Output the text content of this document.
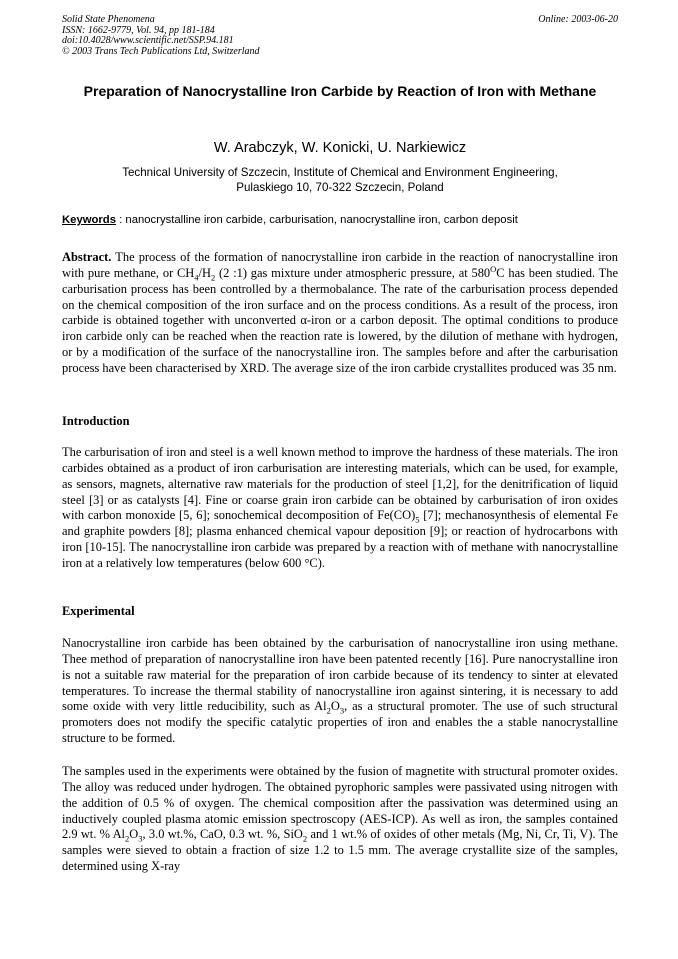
Solid State Phenomena
ISSN: 1662-9779, Vol. 94, pp 181-184
doi:10.4028/www.scientific.net/SSP.94.181
© 2003 Trans Tech Publications Ltd, Switzerland
Online: 2003-06-20
Preparation of Nanocrystalline Iron Carbide by Reaction of Iron with Methane
W. Arabczyk, W. Konicki, U. Narkiewicz
Technical University of Szczecin, Institute of Chemical and Environment Engineering,
Pulaskiego 10, 70-322 Szczecin, Poland
Keywords : nanocrystalline iron carbide, carburisation, nanocrystalline iron, carbon deposit
Abstract. The process of the formation of nanocrystalline iron carbide in the reaction of nanocrystalline iron with pure methane, or $CH_4/H_2$ (2 :1) gas mixture under atmospheric pressure, at $580^OC$ has been studied. The carburisation process has been controlled by a thermobalance. The rate of the carburisation process depended on the chemical composition of the iron surface and on the process conditions. As a result of the process, iron carbide is obtained together with unconverted α-iron or a carbon deposit. The optimal conditions to produce iron carbide only can be reached when the reaction rate is lowered, by the dilution of methane with hydrogen, or by a modification of the surface of the nanocrystalline iron. The samples before and after the carburisation process have been characterised by XRD. The average size of the iron carbide crystallites produced was 35 nm.
Introduction
The carburisation of iron and steel is a well known method to improve the hardness of these materials. The iron carbides obtained as a product of iron carburisation are interesting materials, which can be used, for example, as sensors, magnets, alternative raw materials for the production of steel [1,2], for the denitrification of liquid steel [3] or as catalysts [4]. Fine or coarse grain iron carbide can be obtained by carburisation of iron oxides with carbon monoxide [5, 6]; sonochemical decomposition of $Fe(CO)_5$ [7]; mechanosynthesis of elemental Fe and graphite powders [8]; plasma enhanced chemical vapour deposition [9]; or reaction of hydrocarbons with iron [10-15]. The nanocrystalline iron carbide was prepared by a reaction with of methane with nanocrystalline iron at a relatively low temperatures (below 600 °C).
Experimental
Nanocrystalline iron carbide has been obtained by the carburisation of nanocrystalline iron using methane. Thee method of preparation of nanocrystalline iron have been patented recently [16]. Pure nanocrystalline iron is not a suitable raw material for the preparation of iron carbide because of its tendency to sinter at elevated temperatures. To increase the thermal stability of nanocrystalline iron against sintering, it is necessary to add some oxide with very little reducibility, such as $Al_2O_3$, as a structural promoter. The use of such structural promoters does not modify the specific catalytic properties of iron and enables the a stable nanocrystalline structure to be formed.
The samples used in the experiments were obtained by the fusion of magnetite with structural promoter oxides. The alloy was reduced under hydrogen. The obtained pyrophoric samples were passivated using nitrogen with the addition of 0.5 % of oxygen. The chemical composition after the passivation was determined using an inductively coupled plasma atomic emission spectroscopy (AES-ICP). As well as iron, the samples contained 2.9 wt. % $Al_2O_3$, 3.0 wt.%, CaO, 0.3 wt. %, SiO$_2$ and 1 wt.% of oxides of other metals (Mg, Ni, Cr, Ti, V). The samples were sieved to obtain a fraction of size 1.2 to 1.5 mm. The average crystallite size of the samples, determined using X-ray
